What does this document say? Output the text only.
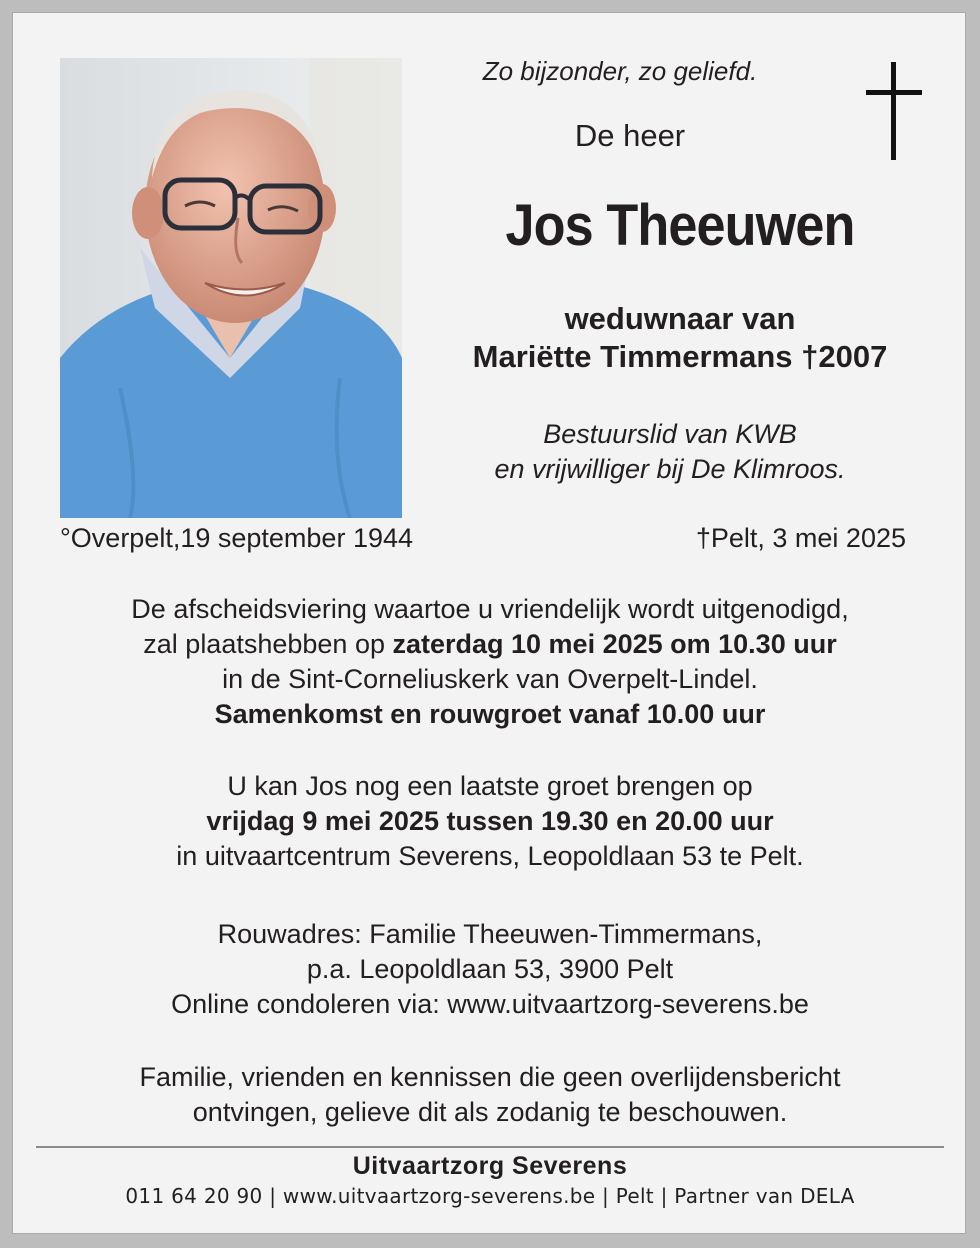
Zo bijzonder, zo geliefd.
De heer
Jos Theeuwen
weduwnaar van
Mariëtte Timmermans †2007
Bestuurslid van KWB
en vrijwilliger bij De Klimroos.
°Overpelt,19 september 1944	†Pelt, 3 mei 2025
De afscheidsviering waartoe u vriendelijk wordt uitgenodigd,
zal plaatshebben op zaterdag 10 mei 2025 om 10.30 uur
in de Sint-Corneliuskerk van Overpelt-Lindel.
Samenkomst en rouwgroet vanaf 10.00 uur
U kan Jos nog een laatste groet brengen op
vrijdag 9 mei 2025 tussen 19.30 en 20.00 uur
in uitvaartcentrum Severens, Leopoldlaan 53 te Pelt.
Rouwadres: Familie Theeuwen-Timmermans,
p.a. Leopoldlaan 53, 3900 Pelt
Online condoleren via: www.uitvaartzorg-severens.be
Familie, vrienden en kennissen die geen overlijdensbericht
ontvingen, gelieve dit als zodanig te beschouwen.
Uitvaartzorg Severens
011 64 20 90 | www.uitvaartzorg-severens.be | Pelt | Partner van DELA
